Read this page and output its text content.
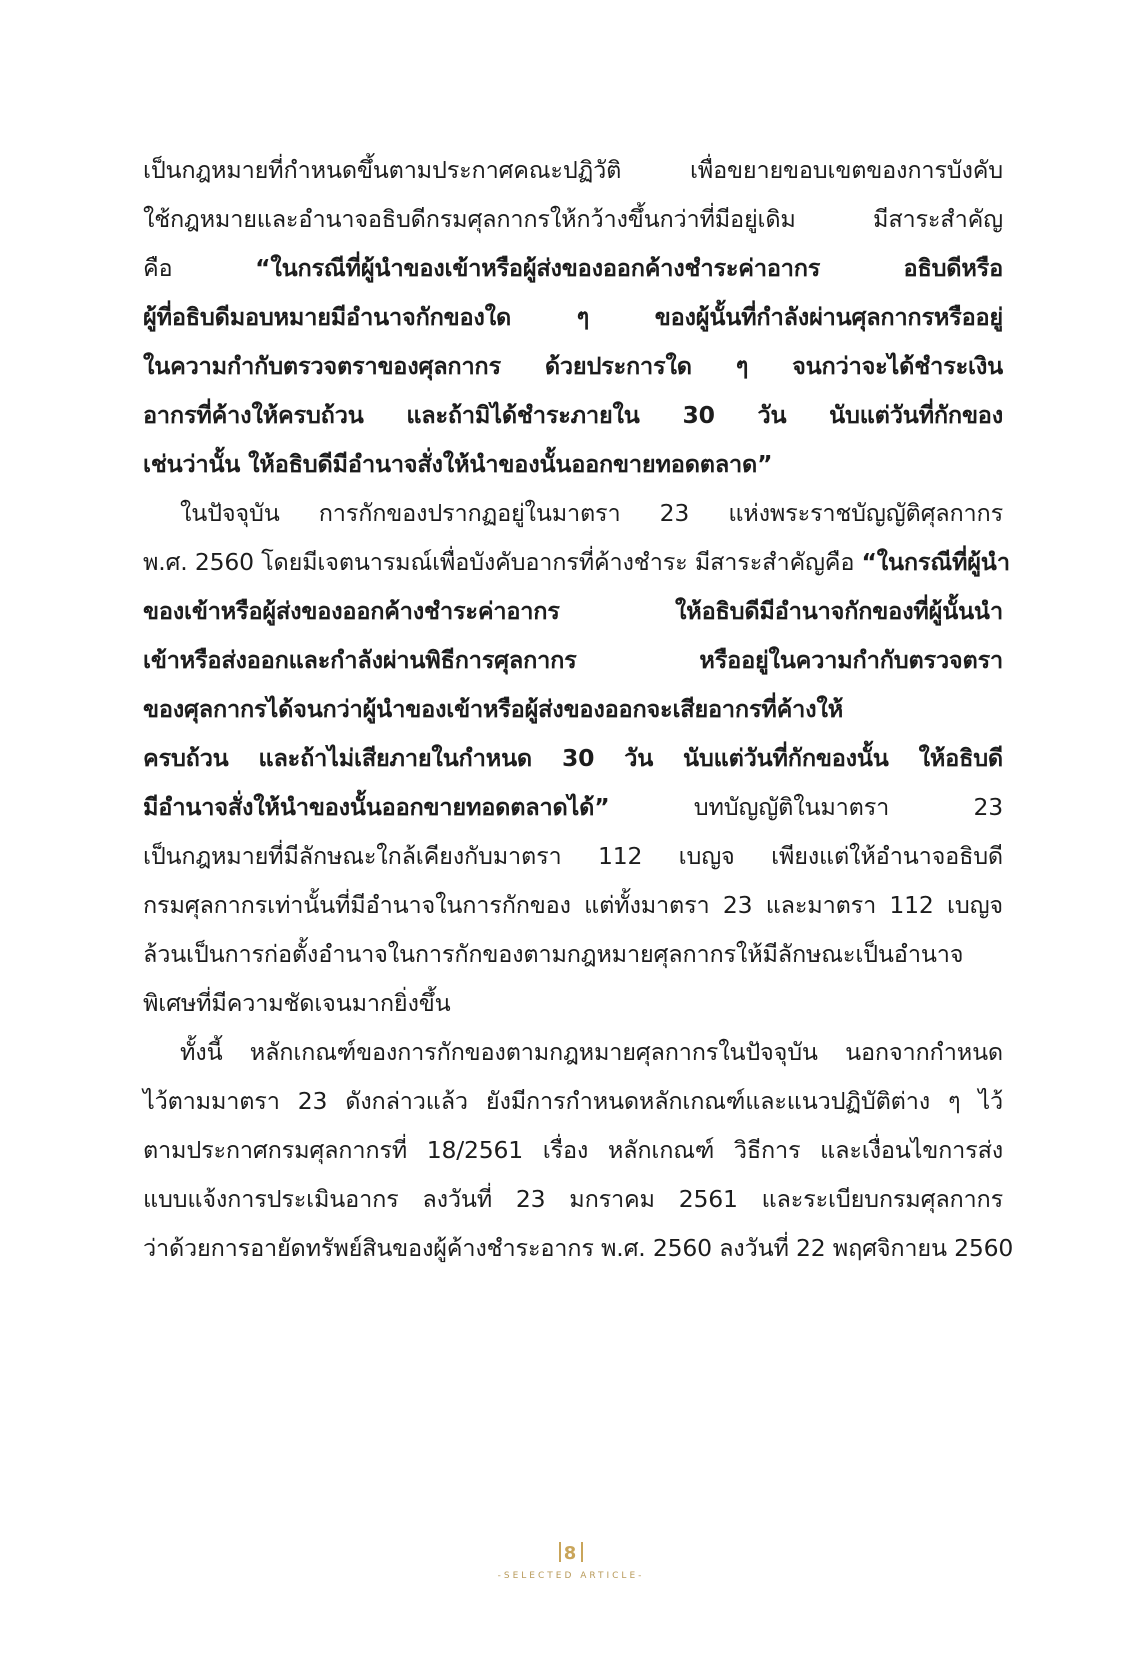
เป็นกฎหมายที่กำหนดขึ้นตามประกาศคณะปฏิวัติ เพื่อขยายขอบเขตของการบังคับ
ใช้กฎหมายและอำนาจอธิบดีกรมศุลกากรให้กว้างขึ้นกว่าที่มีอยู่เดิม มีสาระสำคัญ
คือ “ในกรณีที่ผู้นำของเข้าหรือผู้ส่งของออกค้างชำระค่าอากร อธิบดีหรือ
ผู้ที่อธิบดีมอบหมายมีอำนาจกักของใด ๆ ของผู้นั้นที่กำลังผ่านศุลกากรหรืออยู่
ในความกำกับตรวจตราของศุลกากร ด้วยประการใด ๆ จนกว่าจะได้ชำระเงิน
อากรที่ค้างให้ครบถ้วน และถ้ามิได้ชำระภายใน 30 วัน นับแต่วันที่กักของ
เช่นว่านั้น ให้อธิบดีมีอำนาจสั่งให้นำของนั้นออกขายทอดตลาด”
ในปัจจุบัน การกักของปรากฏอยู่ในมาตรา 23 แห่งพระราชบัญญัติศุลกากร
พ.ศ. 2560 โดยมีเจตนารมณ์เพื่อบังคับอากรที่ค้างชำระ มีสาระสำคัญคือ “ในกรณีที่ผู้นำ
ของเข้าหรือผู้ส่งของออกค้างชำระค่าอากร ให้อธิบดีมีอำนาจกักของที่ผู้นั้นนำ
เข้าหรือส่งออกและกำลังผ่านพิธีการศุลกากร หรืออยู่ในความกำกับตรวจตรา
ของศุลกากรได้จนกว่าผู้นำของเข้าหรือผู้ส่งของออกจะเสียอากรที่ค้างให้
ครบถ้วน และถ้าไม่เสียภายในกำหนด 30 วัน นับแต่วันที่กักของนั้น ให้อธิบดี
มีอำนาจสั่งให้นำของนั้นออกขายทอดตลาดได้” บทบัญญัติในมาตรา 23
เป็นกฎหมายที่มีลักษณะใกล้เคียงกับมาตรา 112 เบญจ เพียงแต่ให้อำนาจอธิบดี
กรมศุลกากรเท่านั้นที่มีอำนาจในการกักของ แต่ทั้งมาตรา 23 และมาตรา 112 เบญจ
ล้วนเป็นการก่อตั้งอำนาจในการกักของตามกฎหมายศุลกากรให้มีลักษณะเป็นอำนาจ
พิเศษที่มีความชัดเจนมากยิ่งขึ้น
ทั้งนี้ หลักเกณฑ์ของการกักของตามกฎหมายศุลกากรในปัจจุบัน นอกจากกำหนด
ไว้ตามมาตรา 23 ดังกล่าวแล้ว ยังมีการกำหนดหลักเกณฑ์และแนวปฏิบัติต่าง ๆ ไว้
ตามประกาศกรมศุลกากรที่ 18/2561 เรื่อง หลักเกณฑ์ วิธีการ และเงื่อนไขการส่ง
แบบแจ้งการประเมินอากร ลงวันที่ 23 มกราคม 2561 และระเบียบกรมศุลกากร
ว่าด้วยการอายัดทรัพย์สินของผู้ค้างชำระอากร พ.ศ. 2560 ลงวันที่ 22 พฤศจิกายน 2560
8
-SELECTED ARTICLE-
